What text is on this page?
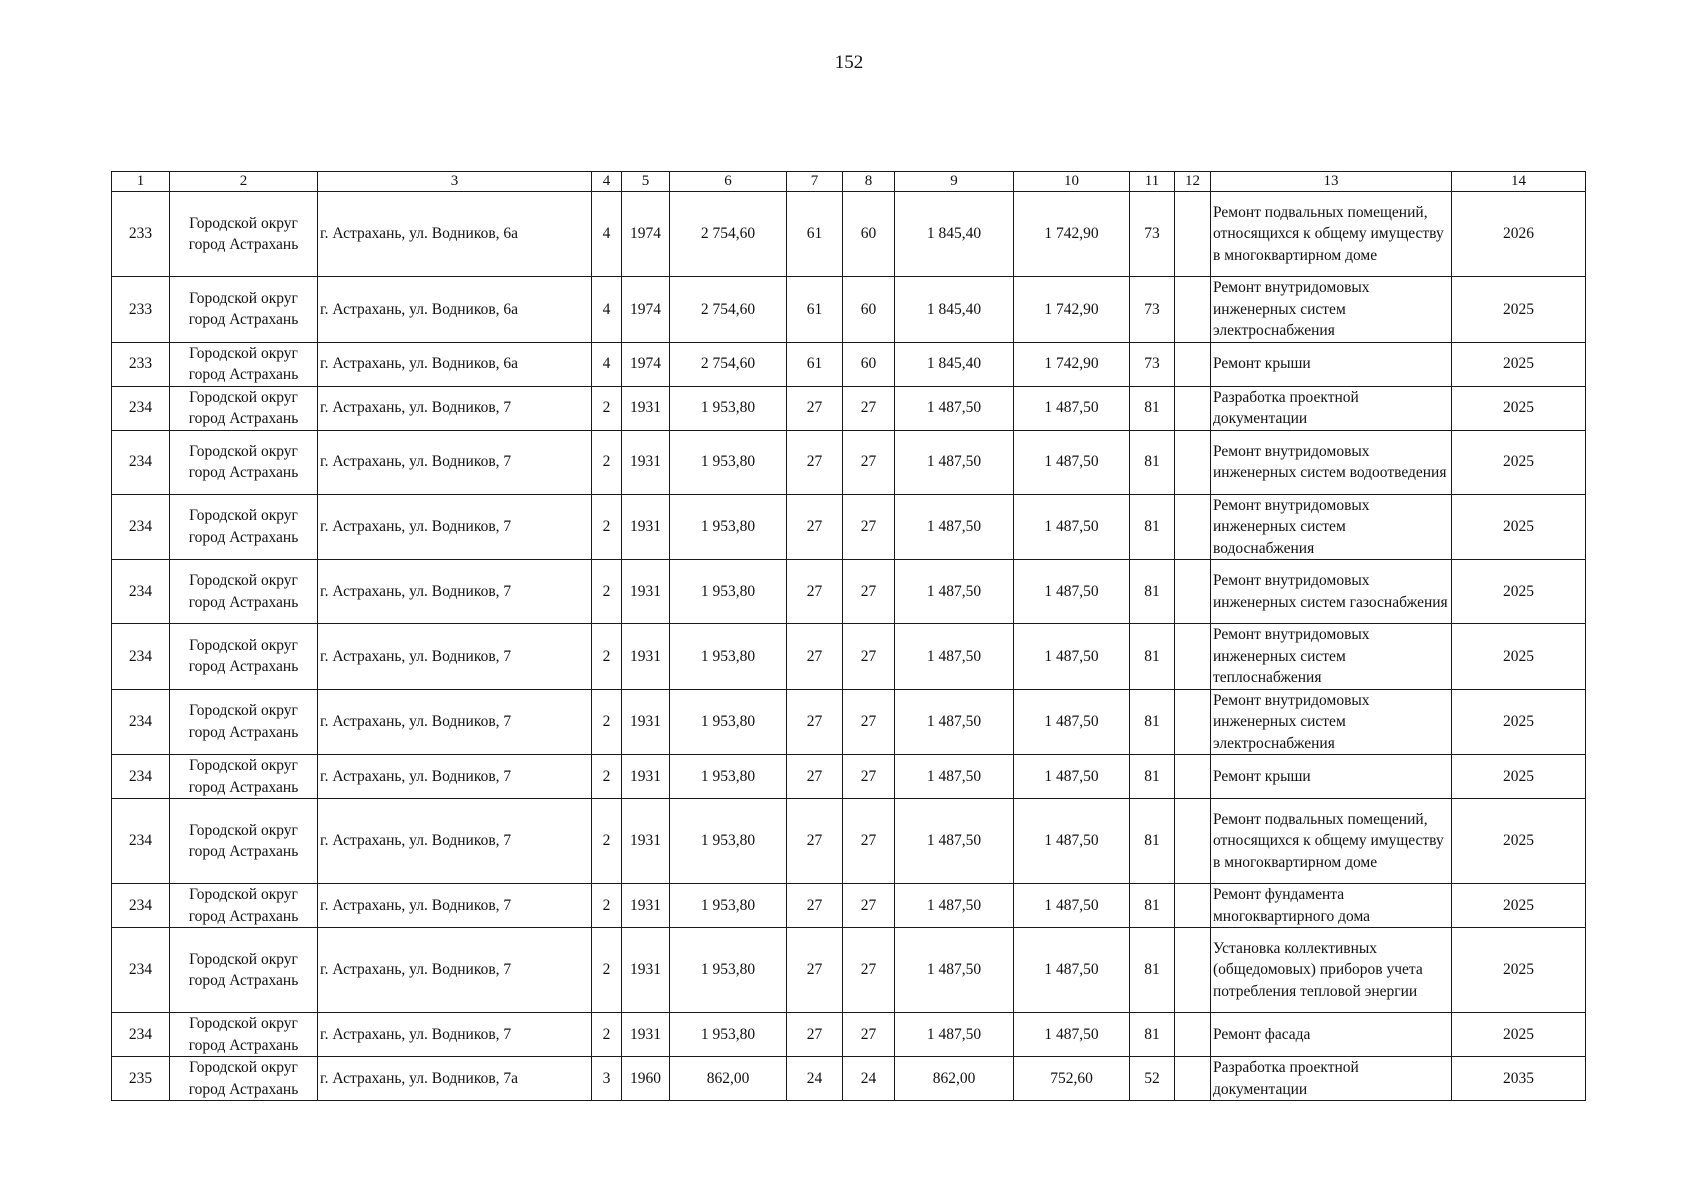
152
1	2	3	4	5	6	7	8	9	10	11	12	13	14
233	Городской округ город Астрахань	г. Астрахань, ул. Водников, 6а	4	1974	2 754,60	61	60	1 845,40	1 742,90	73		Ремонт подвальных помещений, относящихся к общему имуществу в многоквартирном доме	2026
233	Городской округ город Астрахань	г. Астрахань, ул. Водников, 6а	4	1974	2 754,60	61	60	1 845,40	1 742,90	73		Ремонт внутридомовых инженерных систем электроснабжения	2025
233	Городской округ город Астрахань	г. Астрахань, ул. Водников, 6а	4	1974	2 754,60	61	60	1 845,40	1 742,90	73		Ремонт крыши	2025
234	Городской округ город Астрахань	г. Астрахань, ул. Водников, 7	2	1931	1 953,80	27	27	1 487,50	1 487,50	81		Разработка проектной документации	2025
234	Городской округ город Астрахань	г. Астрахань, ул. Водников, 7	2	1931	1 953,80	27	27	1 487,50	1 487,50	81		Ремонт внутридомовых инженерных систем водоотведения	2025
234	Городской округ город Астрахань	г. Астрахань, ул. Водников, 7	2	1931	1 953,80	27	27	1 487,50	1 487,50	81		Ремонт внутридомовых инженерных систем водоснабжения	2025
234	Городской округ город Астрахань	г. Астрахань, ул. Водников, 7	2	1931	1 953,80	27	27	1 487,50	1 487,50	81		Ремонт внутридомовых инженерных систем газоснабжения	2025
234	Городской округ город Астрахань	г. Астрахань, ул. Водников, 7	2	1931	1 953,80	27	27	1 487,50	1 487,50	81		Ремонт внутридомовых инженерных систем теплоснабжения	2025
234	Городской округ город Астрахань	г. Астрахань, ул. Водников, 7	2	1931	1 953,80	27	27	1 487,50	1 487,50	81		Ремонт внутридомовых инженерных систем электроснабжения	2025
234	Городской округ город Астрахань	г. Астрахань, ул. Водников, 7	2	1931	1 953,80	27	27	1 487,50	1 487,50	81		Ремонт крыши	2025
234	Городской округ город Астрахань	г. Астрахань, ул. Водников, 7	2	1931	1 953,80	27	27	1 487,50	1 487,50	81		Ремонт подвальных помещений, относящихся к общему имуществу в многоквартирном доме	2025
234	Городской округ город Астрахань	г. Астрахань, ул. Водников, 7	2	1931	1 953,80	27	27	1 487,50	1 487,50	81		Ремонт фундамента многоквартирного дома	2025
234	Городской округ город Астрахань	г. Астрахань, ул. Водников, 7	2	1931	1 953,80	27	27	1 487,50	1 487,50	81		Установка коллективных (общедомовых) приборов учета потребления тепловой энергии	2025
234	Городской округ город Астрахань	г. Астрахань, ул. Водников, 7	2	1931	1 953,80	27	27	1 487,50	1 487,50	81		Ремонт фасада	2025
235	Городской округ город Астрахань	г. Астрахань, ул. Водников, 7а	3	1960	862,00	24	24	862,00	752,60	52		Разработка проектной документации	2035
